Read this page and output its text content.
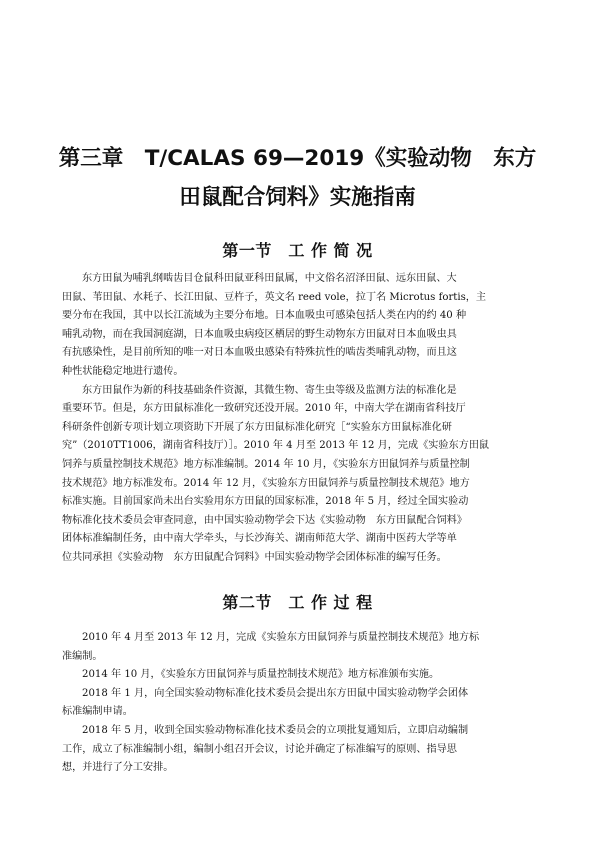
第三章　T/CALAS 69—2019《实验动物　东方
田鼠配合饲料》实施指南
第一节　工 作 简 况

东方田鼠为哺乳纲啮齿目仓鼠科田鼠亚科田鼠属，中文俗名沼泽田鼠、远东田鼠、大
田鼠、苇田鼠、水耗子、长江田鼠、豆杵子，英文名 reed vole，拉丁名 Microtus fortis，主
要分布在我国，其中以长江流域为主要分布地。日本血吸虫可感染包括人类在内的约 40 种
哺乳动物，而在我国洞庭湖，日本血吸虫病疫区栖居的野生动物东方田鼠对日本血吸虫具
有抗感染性，是目前所知的唯一对日本血吸虫感染有特殊抗性的啮齿类哺乳动物，而且这
种性状能稳定地进行遗传。

东方田鼠作为新的科技基础条件资源，其微生物、寄生虫等级及监测方法的标准化是
重要环节。但是，东方田鼠标准化一致研究还没开展。2010 年，中南大学在湖南省科技厅
科研条件创新专项计划立项资助下开展了东方田鼠标准化研究［“实验东方田鼠标准化研
究”（2010TT1006，湖南省科技厅）］。2010 年 4 月至 2013 年 12 月，完成《实验东方田鼠
饲养与质量控制技术规范》地方标准编制。2014 年 10 月，《实验东方田鼠饲养与质量控制
技术规范》地方标准发布。2014 年 12 月，《实验东方田鼠饲养与质量控制技术规范》地方
标准实施。目前国家尚未出台实验用东方田鼠的国家标准，2018 年 5 月，经过全国实验动
物标准化技术委员会审查同意，由中国实验动物学会下达《实验动物　东方田鼠配合饲料》
团体标准编制任务，由中南大学牵头，与长沙海关、湖南师范大学、湖南中医药大学等单
位共同承担《实验动物　东方田鼠配合饲料》中国实验动物学会团体标准的编写任务。

第二节　工 作 过 程

2010 年 4 月至 2013 年 12 月，完成《实验东方田鼠饲养与质量控制技术规范》地方标
准编制。

2014 年 10 月，《实验东方田鼠饲养与质量控制技术规范》地方标准颁布实施。

2018 年 1 月，向全国实验动物标准化技术委员会提出东方田鼠中国实验动物学会团体
标准编制申请。

2018 年 5 月，收到全国实验动物标准化技术委员会的立项批复通知后，立即启动编制
工作，成立了标准编制小组，编制小组召开会议，讨论并确定了标准编写的原则、指导思
想，并进行了分工安排。
